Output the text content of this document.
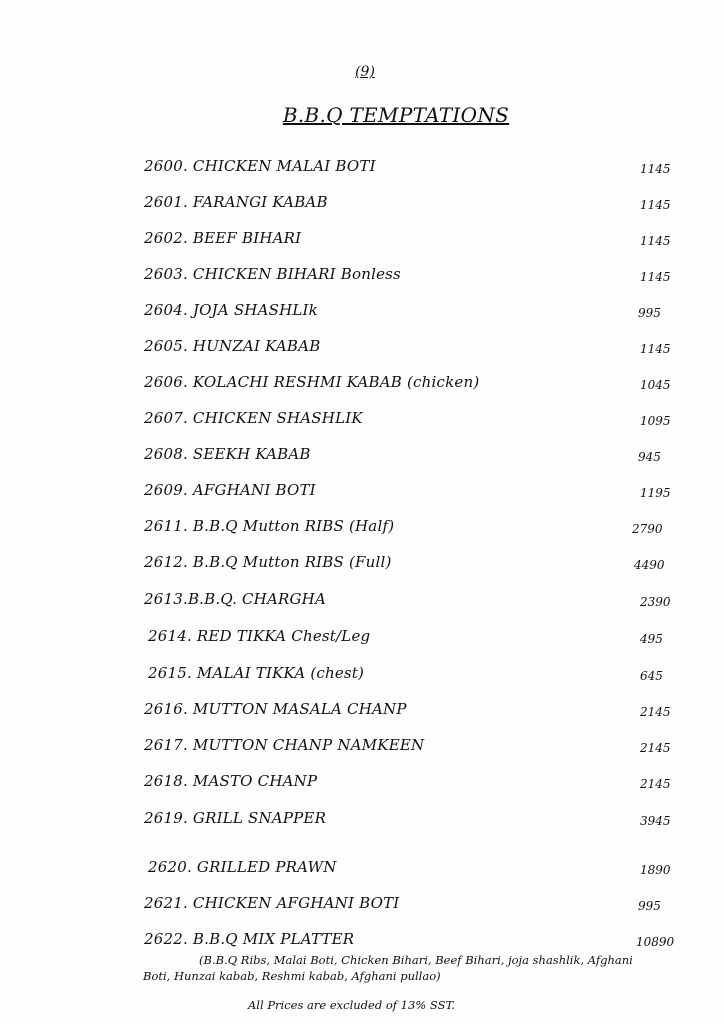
(9)
B.B.Q TEMPTATIONS
2600. CHICKEN MALAI BOTI	1145
2601. FARANGI KABAB	1145
2602. BEEF BIHARI	1145
2603. CHICKEN BIHARI Bonless	1145
2604. JOJA SHASHLIk	995
2605. HUNZAI KABAB	1145
2606. KOLACHI RESHMI KABAB (chicken)	1045
2607. CHICKEN SHASHLIK	1095
2608. SEEKH KABAB	945
2609. AFGHANI BOTI	1195
2611. B.B.Q Mutton RIBS (Half)	2790
2612. B.B.Q Mutton RIBS (Full)	4490
2613.B.B.Q. CHARGHA	2390
2614. RED TIKKA Chest/Leg	495
2615. MALAI TIKKA (chest)	645
2616. MUTTON MASALA CHANP	2145
2617. MUTTON CHANP NAMKEEN	2145
2618. MASTO CHANP	2145
2619. GRILL SNAPPER	3945
2620. GRILLED PRAWN	1890
2621. CHICKEN AFGHANI BOTI	995
2622. B.B.Q MIX PLATTER	10890
(B.B.Q Ribs, Malai Boti, Chicken Bihari, Beef Bihari, joja shashlik, Afghani
Boti, Hunzai kabab, Reshmi kabab, Afghani pullao)
All Prices are excluded of 13% SST.
